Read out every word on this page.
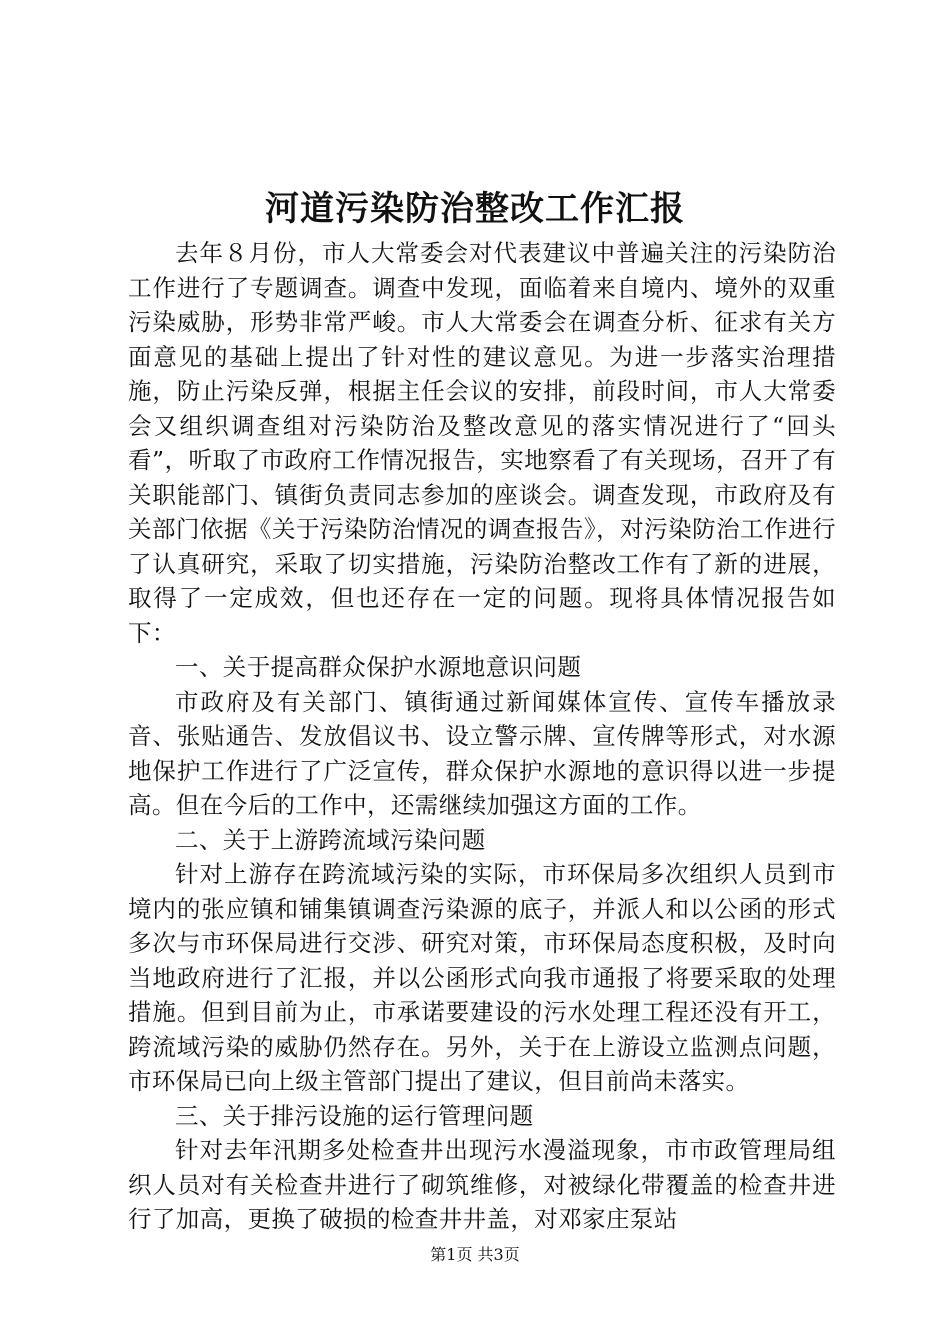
河道污染防治整改工作汇报

去年８月份，市人大常委会对代表建议中普遍关注的污染防治工作进行了专题调查。调查中发现，面临着来自境内、境外的双重污染威胁，形势非常严峻。市人大常委会在调查分析、征求有关方面意见的基础上提出了针对性的建议意见。为进一步落实治理措施，防止污染反弹，根据主任会议的安排，前段时间，市人大常委会又组织调查组对污染防治及整改意见的落实情况进行了“回头看”，听取了市政府工作情况报告，实地察看了有关现场，召开了有关职能部门、镇街负责同志参加的座谈会。调查发现，市政府及有关部门依据《关于污染防治情况的调查报告》，对污染防治工作进行了认真研究，采取了切实措施，污染防治整改工作有了新的进展，取得了一定成效，但也还存在一定的问题。现将具体情况报告如下：

一、关于提高群众保护水源地意识问题

市政府及有关部门、镇街通过新闻媒体宣传、宣传车播放录音、张贴通告、发放倡议书、设立警示牌、宣传牌等形式，对水源地保护工作进行了广泛宣传，群众保护水源地的意识得以进一步提高。但在今后的工作中，还需继续加强这方面的工作。

二、关于上游跨流域污染问题

针对上游存在跨流域污染的实际，市环保局多次组织人员到市境内的张应镇和铺集镇调查污染源的底子，并派人和以公函的形式多次与市环保局进行交涉、研究对策，市环保局态度积极，及时向当地政府进行了汇报，并以公函形式向我市通报了将要采取的处理措施。但到目前为止，市承诺要建设的污水处理工程还没有开工，跨流域污染的威胁仍然存在。另外，关于在上游设立监测点问题，市环保局已向上级主管部门提出了建议，但目前尚未落实。

三、关于排污设施的运行管理问题

针对去年汛期多处检查井出现污水漫溢现象，市市政管理局组织人员对有关检查井进行了砌筑维修，对被绿化带覆盖的检查井进行了加高，更换了破损的检查井井盖，对邓家庄泵站

第1页 共3页
